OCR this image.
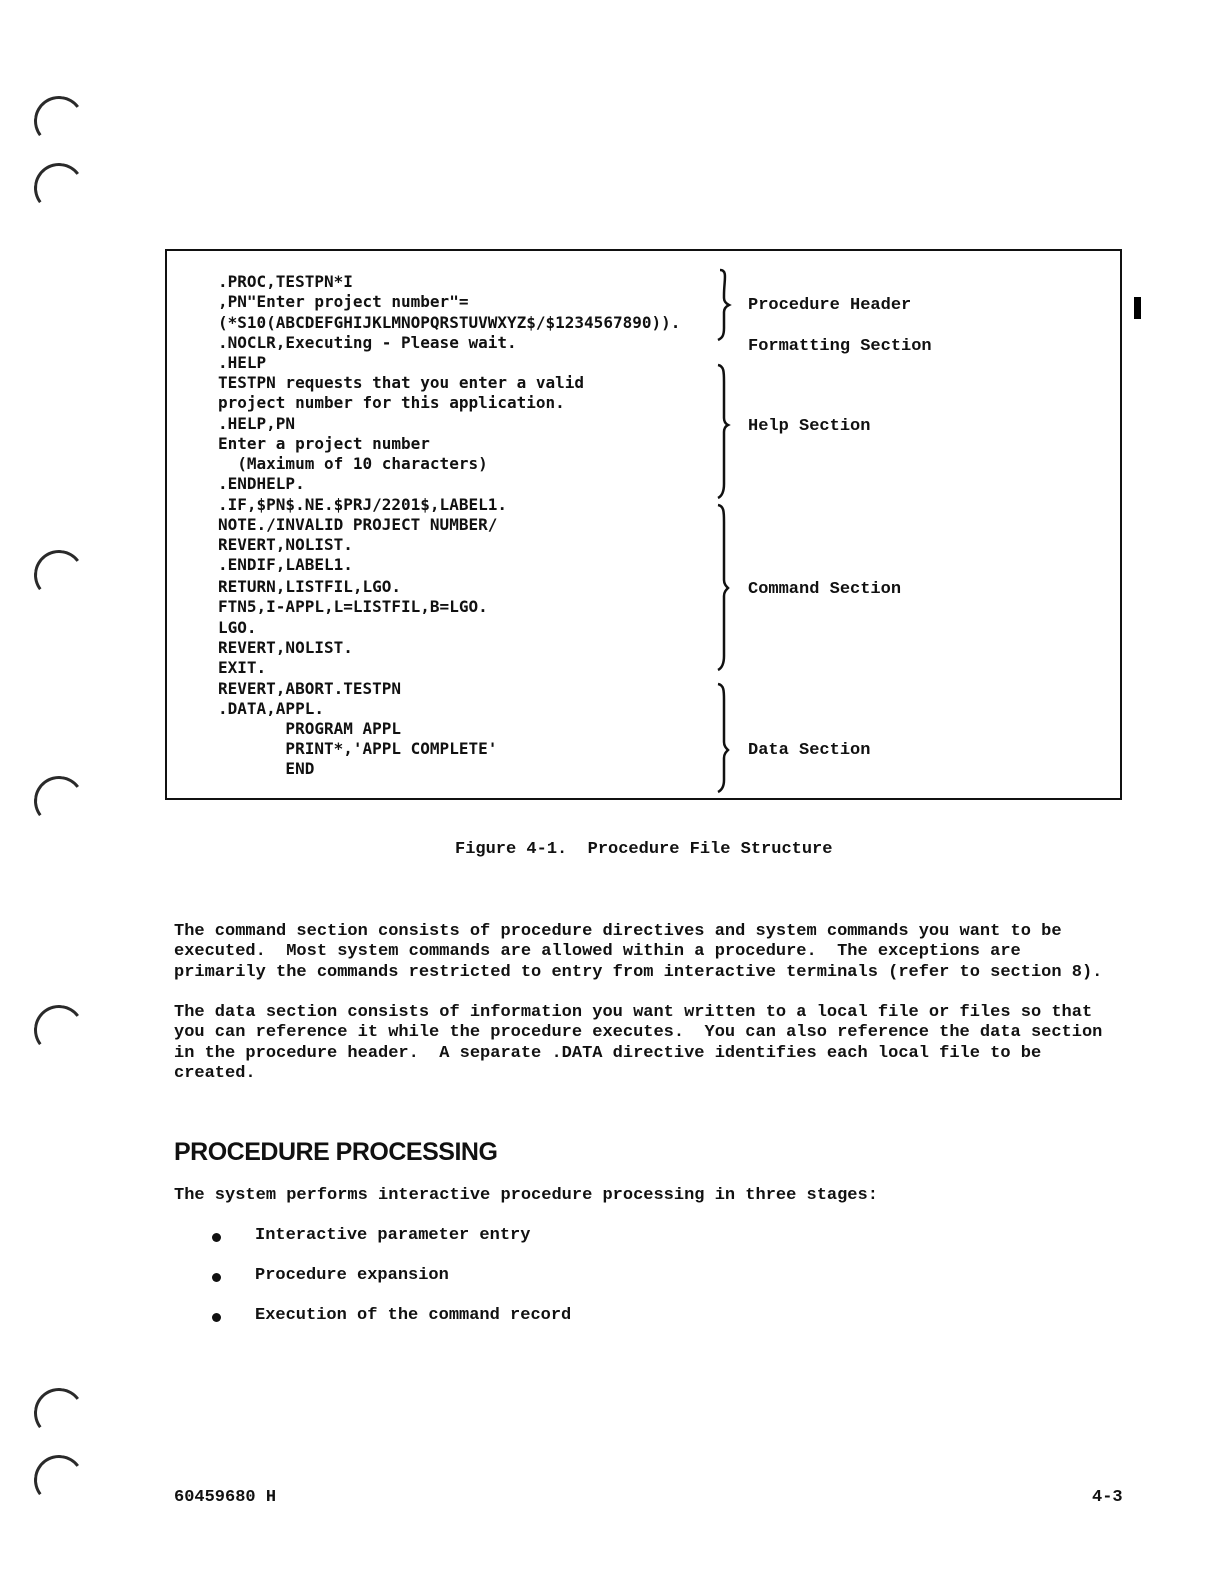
.PROC,TESTPN*I
,PN"Enter project number"=
(*S10(ABCDEFGHIJKLMNOPQRSTUVWXYZ$/$1234567890)).
.NOCLR,Executing - Please wait.
.HELP
TESTPN requests that you enter a valid
project number for this application.
.HELP,PN
Enter a project number
(Maximum of 10 characters)
.ENDHELP.
.IF,$PN$.NE.$PRJ/2201$,LABEL1.
NOTE./INVALID PROJECT NUMBER/
REVERT,NOLIST.
.ENDIF,LABEL1.
RETURN,LISTFIL,LGO.
FTN5,I-APPL,L=LISTFIL,B=LGO.
LGO.
REVERT,NOLIST.
EXIT.
REVERT,ABORT.TESTPN
.DATA,APPL.
PROGRAM APPL
PRINT*,'APPL COMPLETE'
END
Procedure Header
Formatting Section
Help Section
Command Section
Data Section
Figure 4-1.  Procedure File Structure

The command section consists of procedure directives and system commands you want to be executed.  Most system commands are allowed within a procedure.  The exceptions are primarily the commands restricted to entry from interactive terminals (refer to section 8).

The data section consists of information you want written to a local file or files so that you can reference it while the procedure executes.  You can also reference the data section in the procedure header.  A separate .DATA directive identifies each local file to be created.

PROCEDURE PROCESSING

The system performs interactive procedure processing in three stages:

Interactive parameter entry
Procedure expansion
Execution of the command record
60459680 H	4-3
